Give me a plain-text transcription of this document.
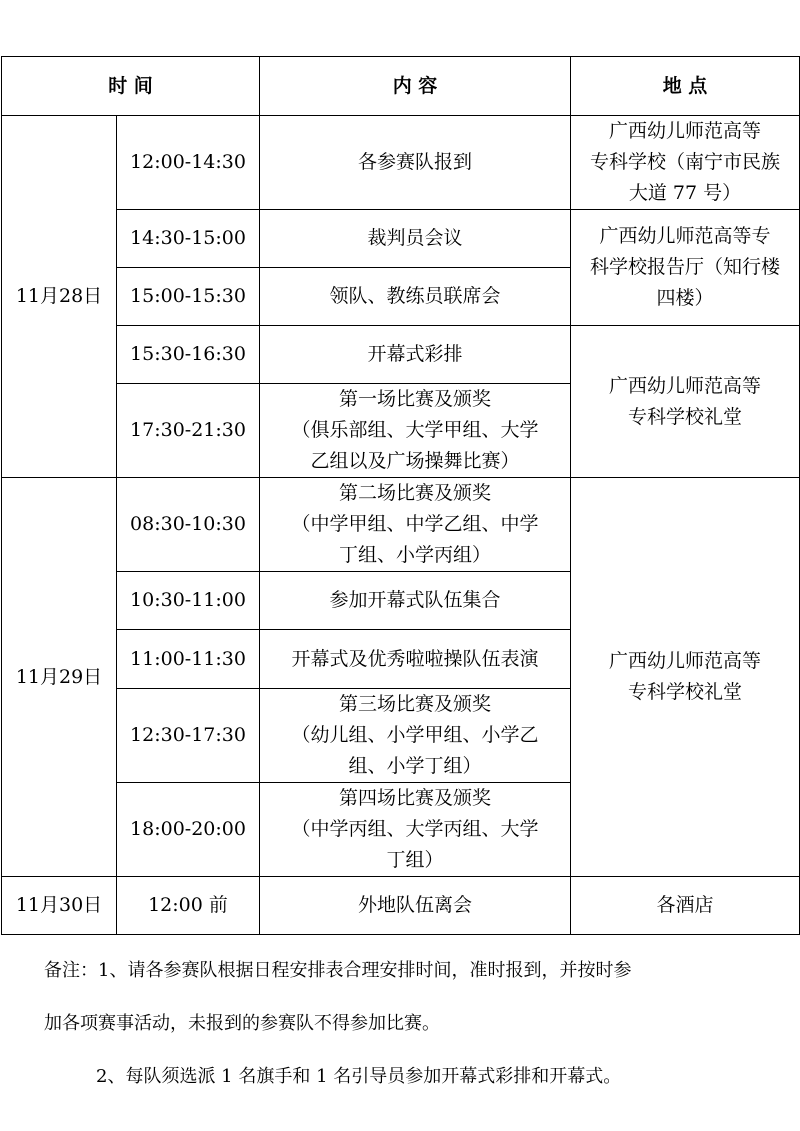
时 间		内 容	地 点
11月28日	12:00-14:30	各参赛队报到	广西幼儿师范高等
专科学校（南宁市民族
大道 77 号）

	14:30-15:00	裁判员会议	广西幼儿师范高等专
科学校报告厅（知行楼
四楼）

	15:00-15:30	领队、教练员联席会	
	15:30-16:30	开幕式彩排	广西幼儿师范高等
专科学校礼堂

	17:30-21:30	第一场比赛及颁奖
（俱乐部组、大学甲组、大学
乙组以及广场操舞比赛）	

11月29日	08:30-10:30	第二场比赛及颁奖
（中学甲组、中学乙组、中学
丁组、小学丙组）	广西幼儿师范高等
专科学校礼堂

	10:30-11:00	参加开幕式队伍集合	
	11:00-11:30	开幕式及优秀啦啦操队伍表演	
	12:30-17:30	第三场比赛及颁奖
（幼儿组、小学甲组、小学乙
组、小学丁组）	

	18:00-20:00	第四场比赛及颁奖
（中学丙组、大学丙组、大学
丁组）	

11月30日	12:00 前	外地队伍离会	各酒店

备注：1、请各参赛队根据日程安排表合理安排时间，准时报到，并按时参

加各项赛事活动，未报到的参赛队不得参加比赛。

2、每队须选派 1 名旗手和 1 名引导员参加开幕式彩排和开幕式。
